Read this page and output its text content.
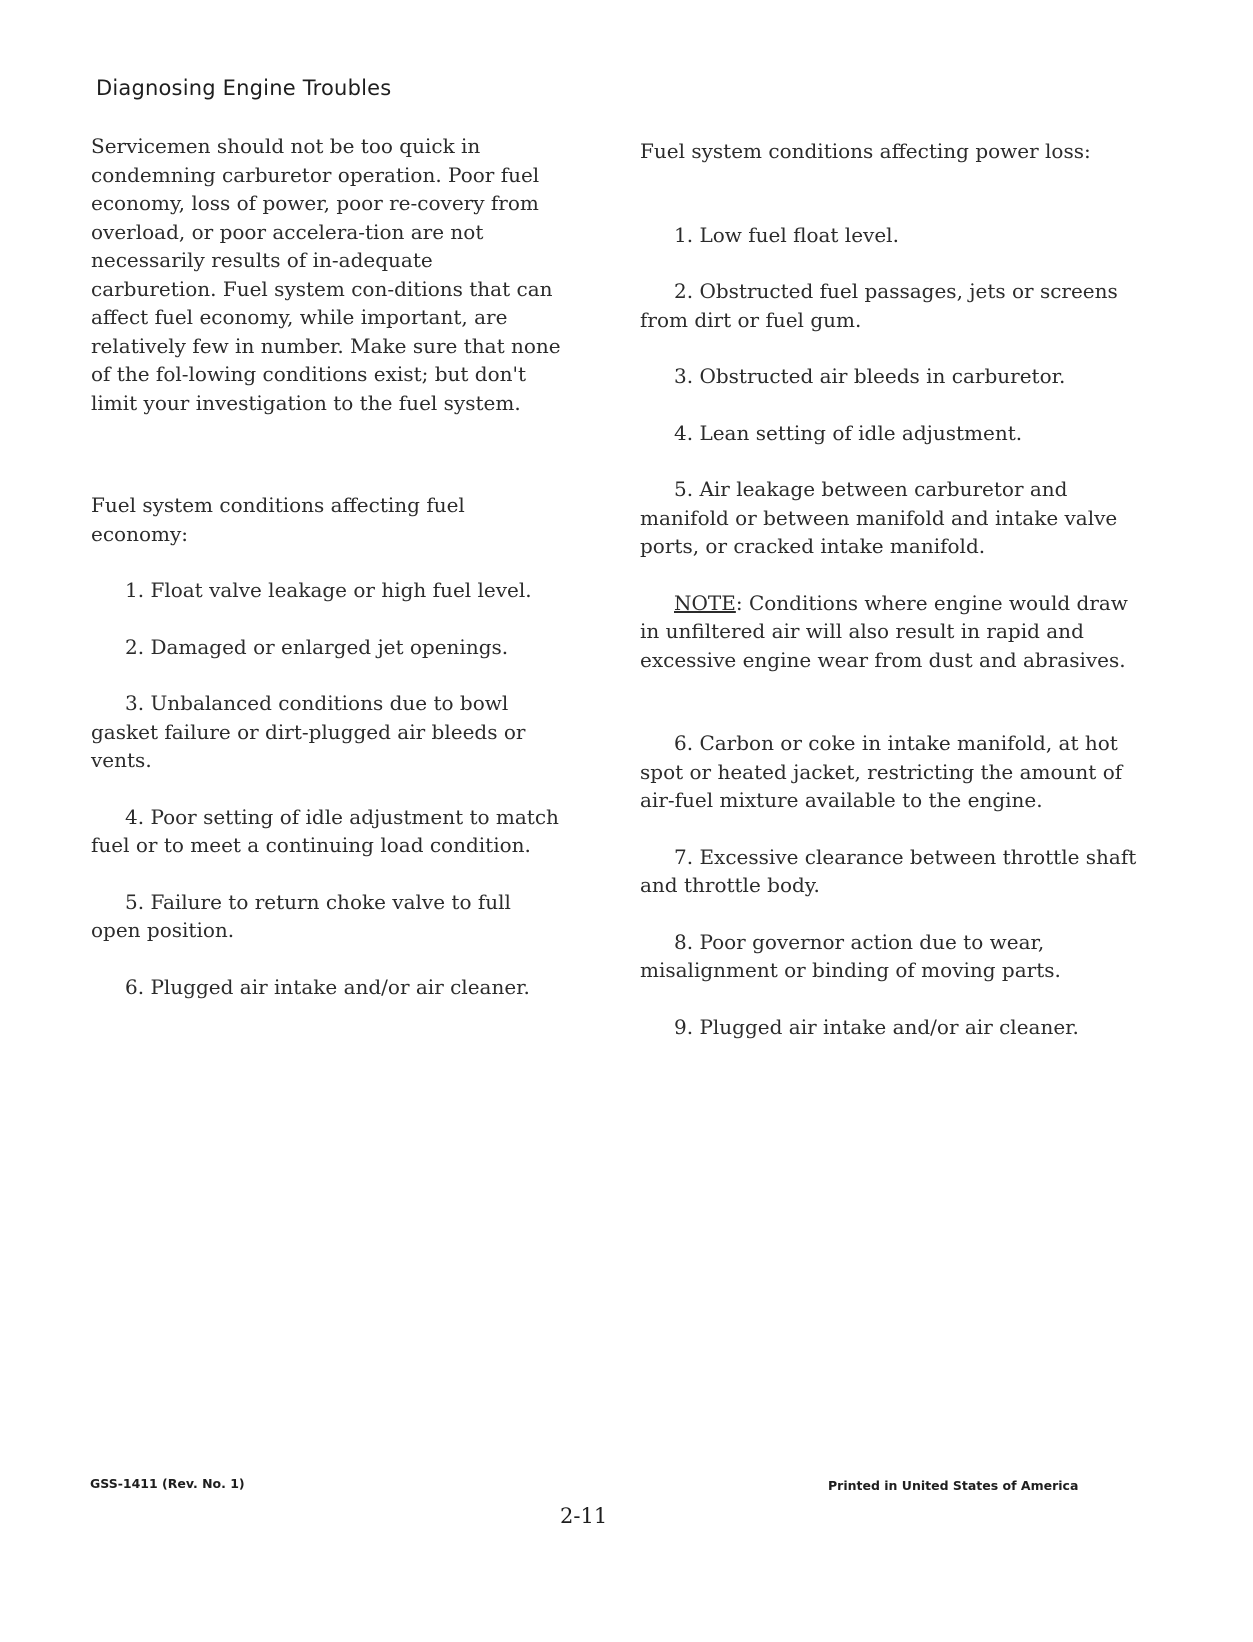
Diagnosing Engine Troubles

Servicemen should not be too quick in condemning carburetor operation. Poor fuel economy, loss of power, poor re-covery from overload, or poor accelera-tion are not necessarily results of in-adequate carburetion. Fuel system con-ditions that can affect fuel economy, while important, are relatively few in number. Make sure that none of the fol-lowing conditions exist; but don't limit your investigation to the fuel system.

Fuel system conditions affecting fuel economy:

1. Float valve leakage or high fuel level.

2. Damaged or enlarged jet openings.

3. Unbalanced conditions due to bowl gasket failure or dirt-plugged air bleeds or vents.

4. Poor setting of idle adjustment to match fuel or to meet a continuing load condition.

5. Failure to return choke valve to full open position.

6. Plugged air intake and/or air cleaner.

Fuel system conditions affecting power loss:

1. Low fuel float level.

2. Obstructed fuel passages, jets or screens from dirt or fuel gum.

3. Obstructed air bleeds in carburetor.

4. Lean setting of idle adjustment.

5. Air leakage between carburetor and manifold or between manifold and intake valve ports, or cracked intake manifold.

NOTE: Conditions where engine would draw in unfiltered air will also result in rapid and excessive engine wear from dust and abrasives.

6. Carbon or coke in intake manifold, at hot spot or heated jacket, restricting the amount of air-fuel mixture available to the engine.

7. Excessive clearance between throttle shaft and throttle body.

8. Poor governor action due to wear, misalignment or binding of moving parts.

9. Plugged air intake and/or air cleaner.

GSS-1411 (Rev. No. 1)	Printed in United States of America
2-11
